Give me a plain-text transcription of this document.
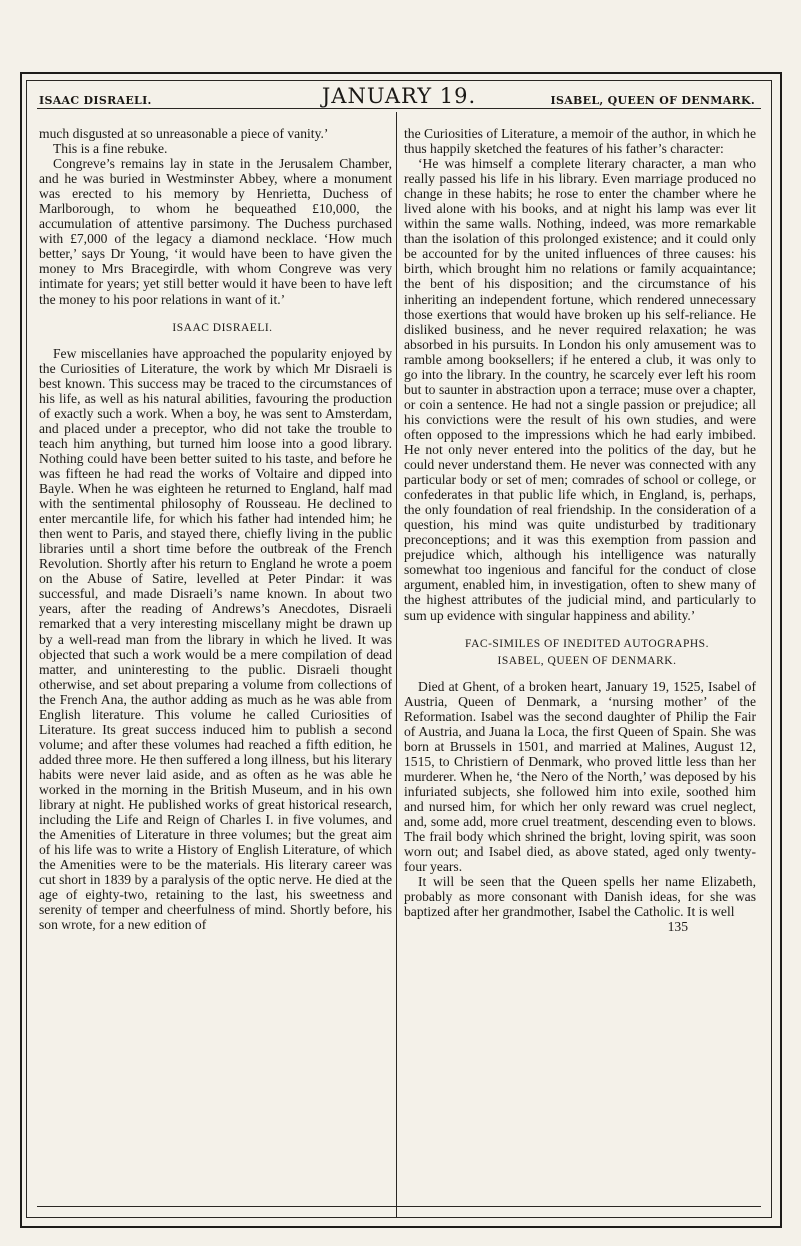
ISAAC DISRAELI.	JANUARY 19.	ISABEL, QUEEN OF DENMARK.

much disgusted at so unreasonable a piece of vanity.’

This is a fine rebuke.

Congreve’s remains lay in state in the Jerusalem Chamber, and he was buried in Westminster Abbey, where a monument was erected to his memory by Henrietta, Duchess of Marlborough, to whom he bequeathed £10,000, the accumulation of attentive parsimony. The Duchess purchased with £7,000 of the legacy a diamond necklace. ‘How much better,’ says Dr Young, ‘it would have been to have given the money to Mrs Bracegirdle, with whom Congreve was very intimate for years; yet still better would it have been to have left the money to his poor relations in want of it.’

ISAAC DISRAELI.

Few miscellanies have approached the popularity enjoyed by the Curiosities of Literature, the work by which Mr Disraeli is best known. This success may be traced to the circumstances of his life, as well as his natural abilities, favouring the production of exactly such a work. When a boy, he was sent to Amsterdam, and placed under a preceptor, who did not take the trouble to teach him anything, but turned him loose into a good library. Nothing could have been better suited to his taste, and before he was fifteen he had read the works of Voltaire and dipped into Bayle. When he was eighteen he returned to England, half mad with the sentimental philosophy of Rousseau. He declined to enter mercantile life, for which his father had intended him; he then went to Paris, and stayed there, chiefly living in the public libraries until a short time before the outbreak of the French Revolution. Shortly after his return to England he wrote a poem on the Abuse of Satire, levelled at Peter Pindar: it was successful, and made Disraeli’s name known. In about two years, after the reading of Andrews’s Anecdotes, Disraeli remarked that a very interesting miscellany might be drawn up by a well-read man from the library in which he lived. It was objected that such a work would be a mere compilation of dead matter, and uninteresting to the public. Disraeli thought otherwise, and set about preparing a volume from collections of the French Ana, the author adding as much as he was able from English literature. This volume he called Curiosities of Literature. Its great success induced him to publish a second volume; and after these volumes had reached a fifth edition, he added three more. He then suffered a long illness, but his literary habits were never laid aside, and as often as he was able he worked in the morning in the British Museum, and in his own library at night. He published works of great historical research, including the Life and Reign of Charles I. in five volumes, and the Amenities of Literature in three volumes; but the great aim of his life was to write a History of English Literature, of which the Amenities were to be the materials. His literary career was cut short in 1839 by a paralysis of the optic nerve. He died at the age of eighty-two, retaining to the last, his sweetness and serenity of temper and cheerfulness of mind. Shortly before, his son wrote, for a new edition of

the Curiosities of Literature, a memoir of the author, in which he thus happily sketched the features of his father’s character:

‘He was himself a complete literary character, a man who really passed his life in his library. Even marriage produced no change in these habits; he rose to enter the chamber where he lived alone with his books, and at night his lamp was ever lit within the same walls. Nothing, indeed, was more remarkable than the isolation of this prolonged existence; and it could only be accounted for by the united influences of three causes: his birth, which brought him no relations or family acquaintance; the bent of his disposition; and the circumstance of his inheriting an independent fortune, which rendered unnecessary those exertions that would have broken up his self-reliance. He disliked business, and he never required relaxation; he was absorbed in his pursuits. In London his only amusement was to ramble among booksellers; if he entered a club, it was only to go into the library. In the country, he scarcely ever left his room but to saunter in abstraction upon a terrace; muse over a chapter, or coin a sentence. He had not a single passion or prejudice; all his convictions were the result of his own studies, and were often opposed to the impressions which he had early imbibed. He not only never entered into the politics of the day, but he could never understand them. He never was connected with any particular body or set of men; comrades of school or college, or confederates in that public life which, in England, is, perhaps, the only foundation of real friendship. In the consideration of a question, his mind was quite undisturbed by traditionary preconceptions; and it was this exemption from passion and prejudice which, although his intelligence was naturally somewhat too ingenious and fanciful for the conduct of close argument, enabled him, in investigation, often to shew many of the highest attributes of the judicial mind, and particularly to sum up evidence with singular happiness and ability.’

FAC-SIMILES OF INEDITED AUTOGRAPHS.

ISABEL, QUEEN OF DENMARK.

Died at Ghent, of a broken heart, January 19, 1525, Isabel of Austria, Queen of Denmark, a ‘nursing mother’ of the Reformation. Isabel was the second daughter of Philip the Fair of Austria, and Juana la Loca, the first Queen of Spain. She was born at Brussels in 1501, and married at Malines, August 12, 1515, to Christiern of Denmark, who proved little less than her murderer. When he, ‘the Nero of the North,’ was deposed by his infuriated subjects, she followed him into exile, soothed him and nursed him, for which her only reward was cruel neglect, and, some add, more cruel treatment, descending even to blows. The frail body which shrined the bright, loving spirit, was soon worn out; and Isabel died, as above stated, aged only twenty-four years.

It will be seen that the Queen spells her name Elizabeth, probably as more consonant with Danish ideas, for she was baptized after her grandmother, Isabel the Catholic. It is well

135
